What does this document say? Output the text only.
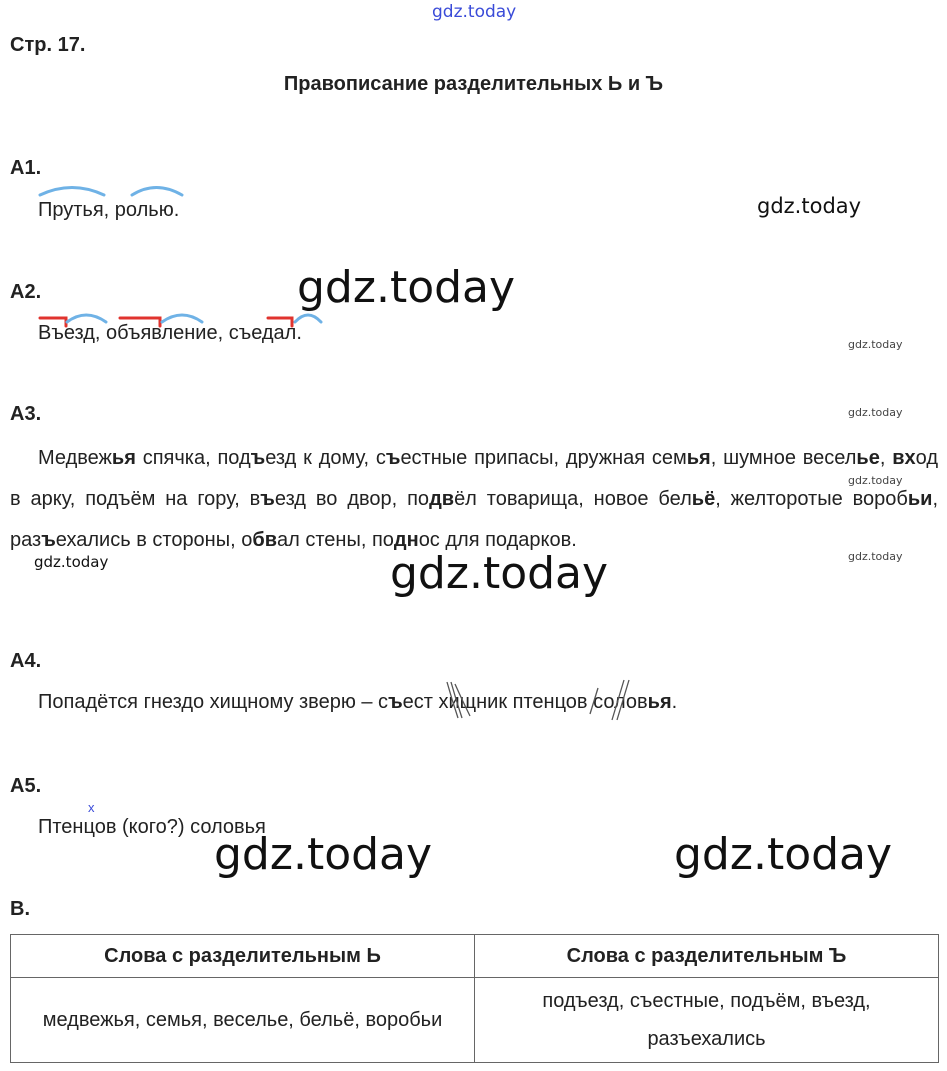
gdz.today
Стр. 17.
Правописание разделительных Ь и Ъ
А1.
Прутья, ролью.	gdz.today
А2.	gdz.today
Въезд, объявление, съедал.
gdz.today
А3.	gdz.today
Медвежья спячка, подъезд к дому, съестные припасы, дружная семья, шумное веселье, вход в арку, подъём на гору, въезд во двор, подвёл товарища, новое бельё, желторотые воробьи, разъехались в стороны, обвал стены, поднос для подарков.
gdz.today
gdz.today
gdz.today	gdz.today
А4.
Попадётся гнездо хищному зверю – съест хищник птенцов соловья.
А5.
x
Птенцов (кого?) соловья
gdz.today	gdz.today
В.
Слова с разделительным Ь	Слова с разделительным Ъ
медвежья, семья, веселье, бельё, воробьи	подъезд, съестные, подъём, въезд, разъехались
